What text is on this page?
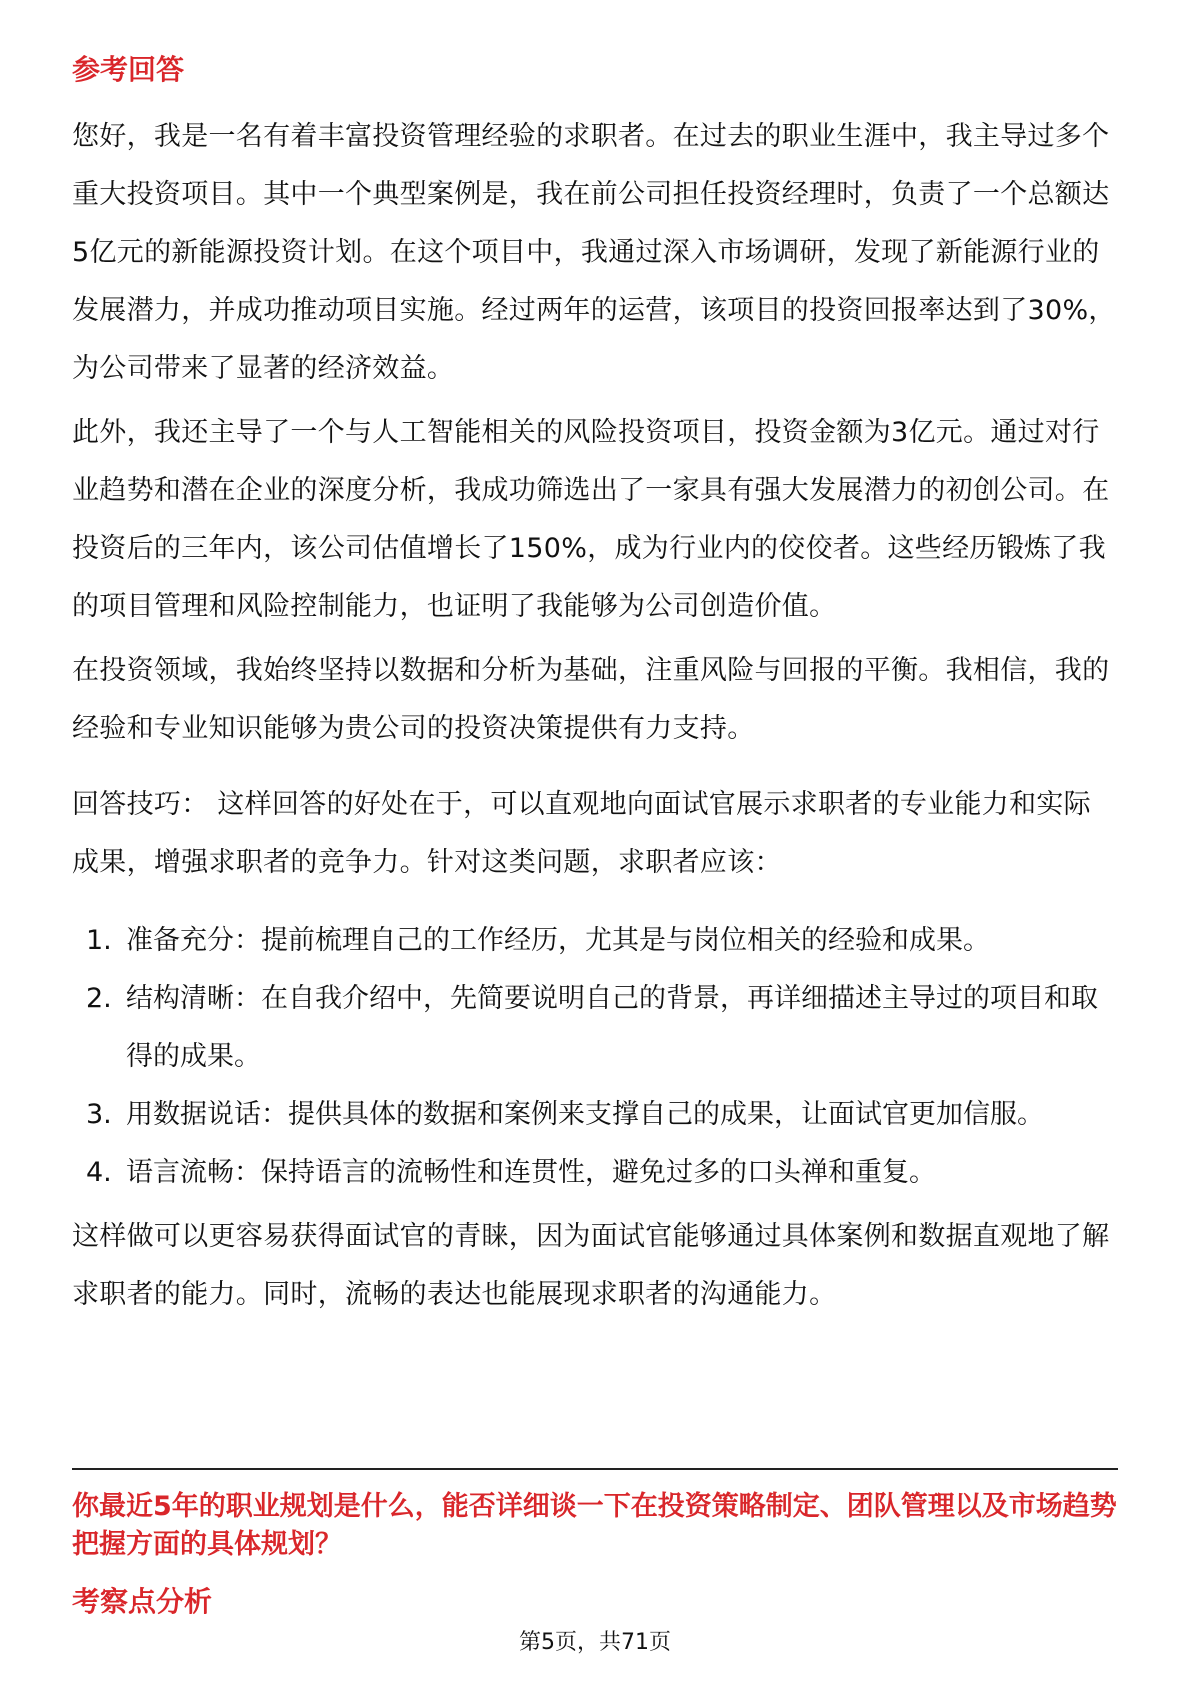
参考回答

您好，我是一名有着丰富投资管理经验的求职者。在过去的职业生涯中，我主导过多个重大投资项目。其中一个典型案例是，我在前公司担任投资经理时，负责了一个总额达5亿元的新能源投资计划。在这个项目中，我通过深入市场调研，发现了新能源行业的发展潜力，并成功推动项目实施。经过两年的运营，该项目的投资回报率达到了30%，为公司带来了显著的经济效益。

此外，我还主导了一个与人工智能相关的风险投资项目，投资金额为3亿元。通过对行业趋势和潜在企业的深度分析，我成功筛选出了一家具有强大发展潜力的初创公司。在投资后的三年内，该公司估值增长了150%，成为行业内的佼佼者。这些经历锻炼了我的项目管理和风险控制能力，也证明了我能够为公司创造价值。

在投资领域，我始终坚持以数据和分析为基础，注重风险与回报的平衡。我相信，我的经验和专业知识能够为贵公司的投资决策提供有力支持。

回答技巧： 这样回答的好处在于，可以直观地向面试官展示求职者的专业能力和实际成果，增强求职者的竞争力。针对这类问题，求职者应该：

1. 准备充分：提前梳理自己的工作经历，尤其是与岗位相关的经验和成果。
2. 结构清晰：在自我介绍中，先简要说明自己的背景，再详细描述主导过的项目和取得的成果。
3. 用数据说话：提供具体的数据和案例来支撑自己的成果，让面试官更加信服。
4. 语言流畅：保持语言的流畅性和连贯性，避免过多的口头禅和重复。

这样做可以更容易获得面试官的青睐，因为面试官能够通过具体案例和数据直观地了解求职者的能力。同时，流畅的表达也能展现求职者的沟通能力。

你最近5年的职业规划是什么，能否详细谈一下在投资策略制定、团队管理以及市场趋势把握方面的具体规划？

考察点分析
第5页，共71页
